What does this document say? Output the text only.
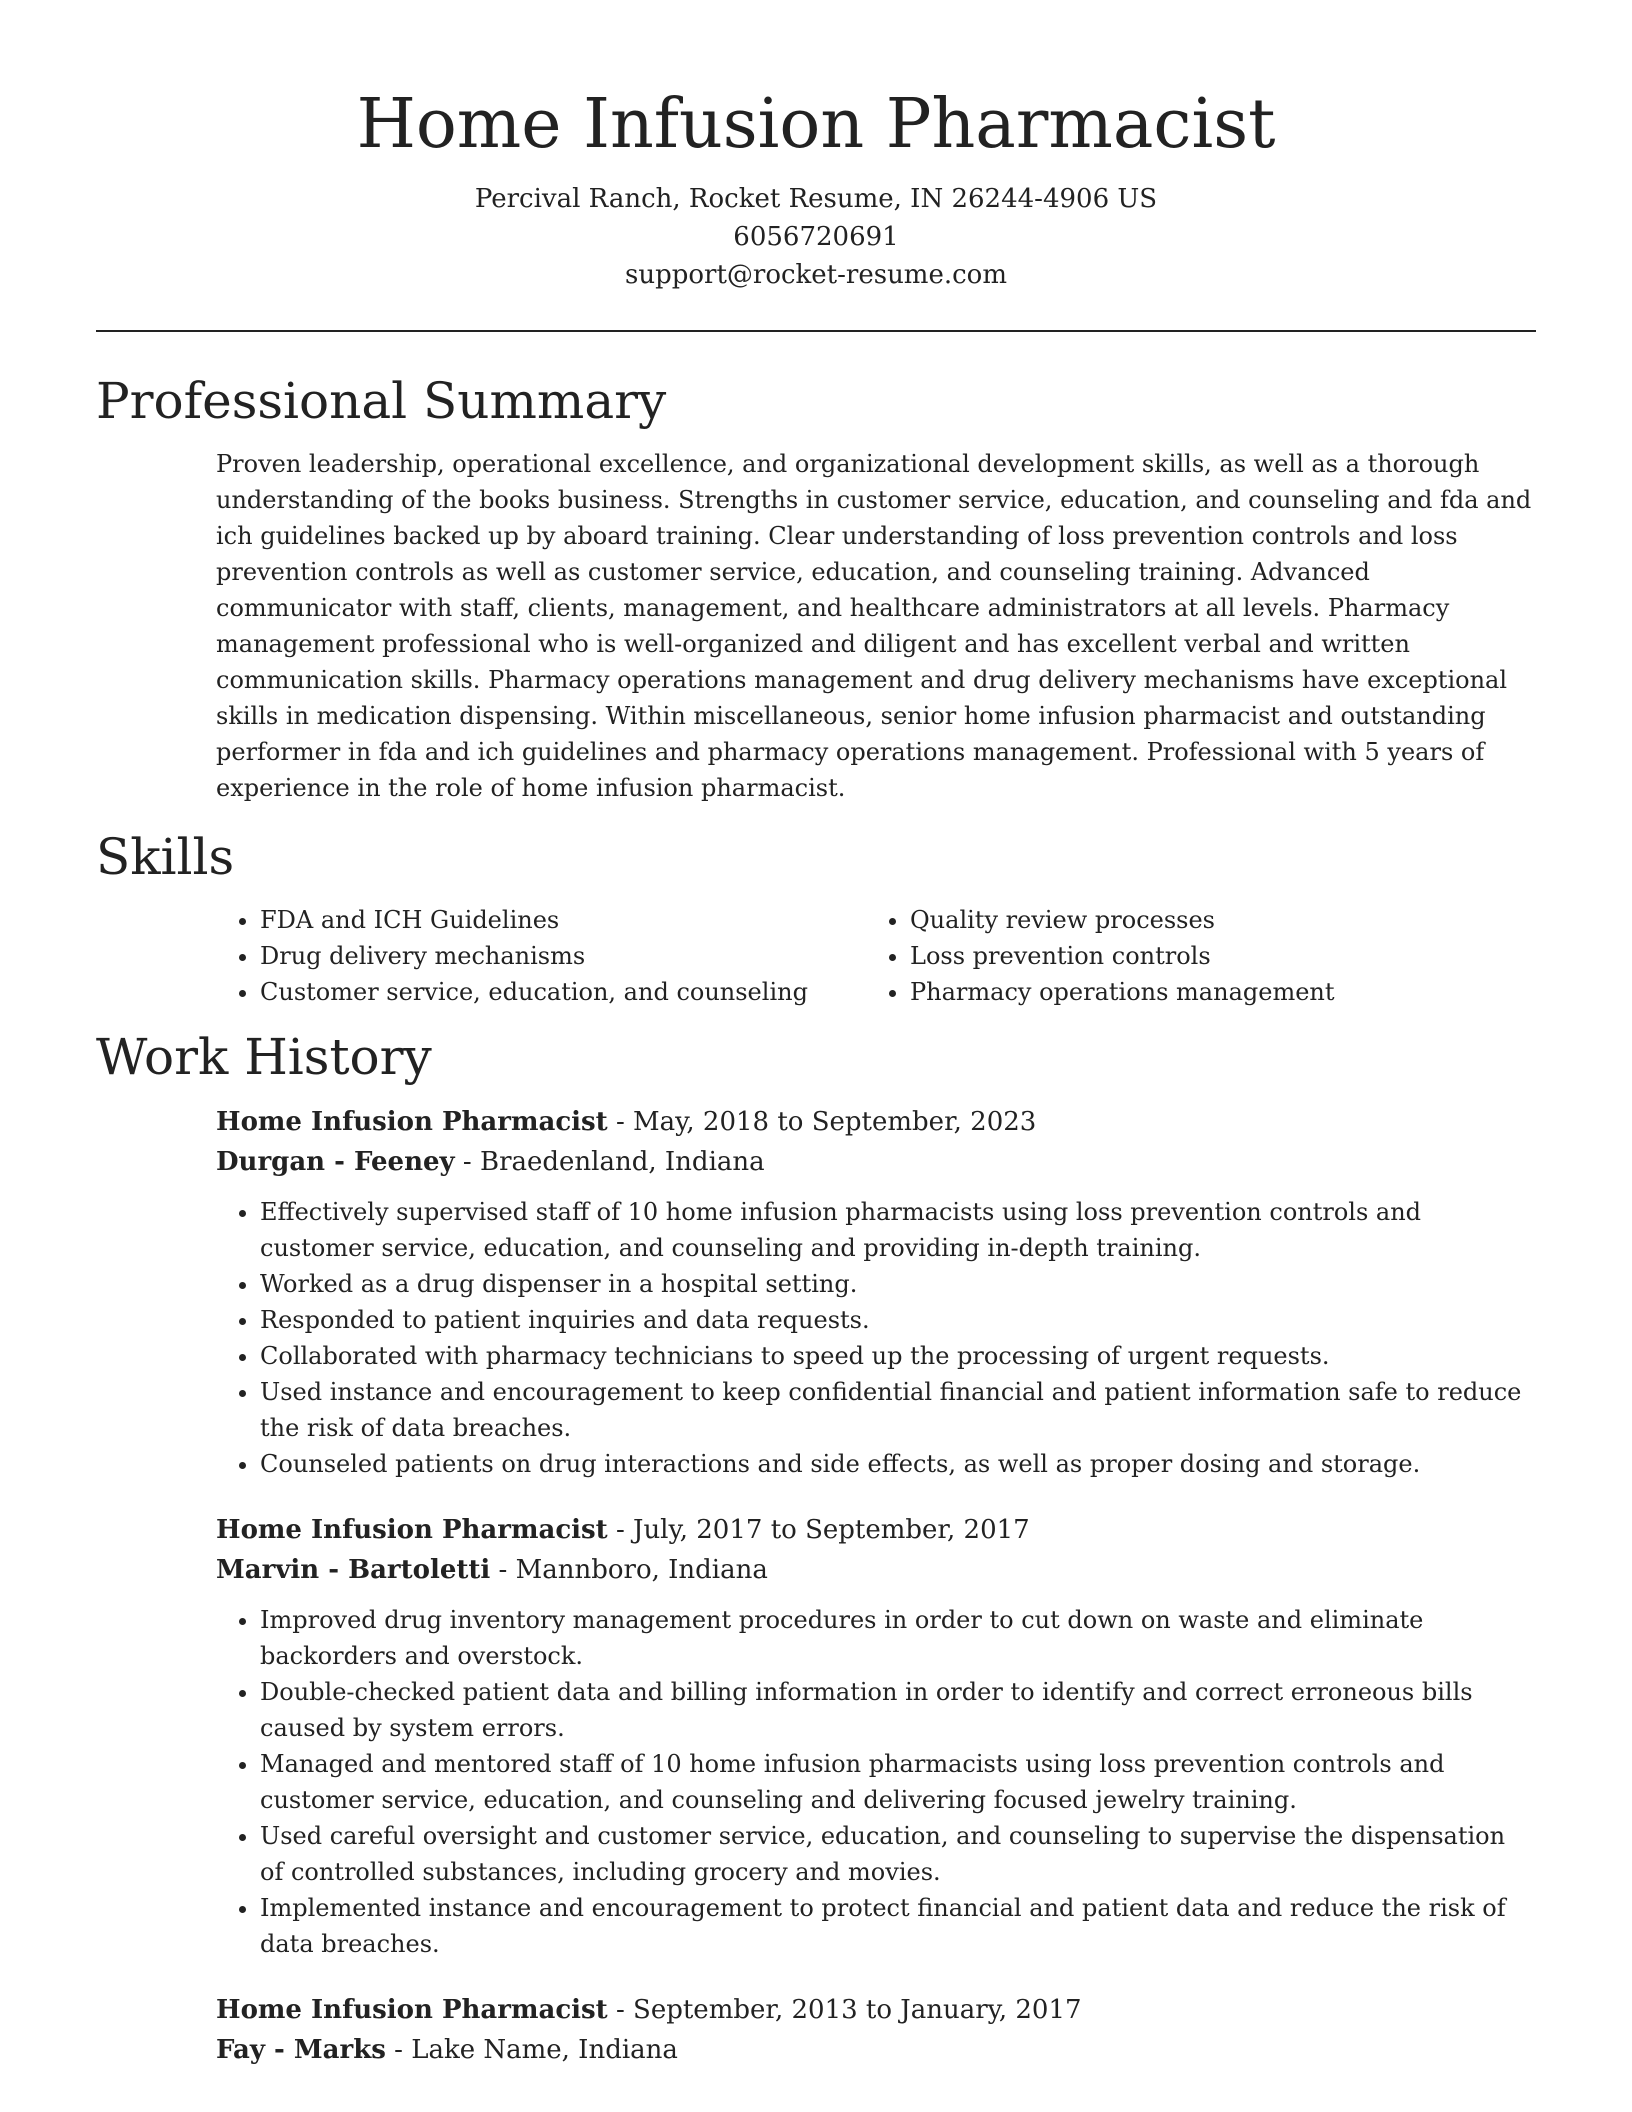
Home Infusion Pharmacist
Percival Ranch, Rocket Resume, IN 26244-4906 US
6056720691
support@rocket-resume.com
Professional Summary

Proven leadership, operational excellence, and organizational development skills, as well as a thorough understanding of the books business. Strengths in customer service, education, and counseling and fda and ich guidelines backed up by aboard training. Clear understanding of loss prevention controls and loss prevention controls as well as customer service, education, and counseling training. Advanced communicator with staff, clients, management, and healthcare administrators at all levels. Pharmacy management professional who is well-organized and diligent and has excellent verbal and written communication skills. Pharmacy operations management and drug delivery mechanisms have exceptional skills in medication dispensing. Within miscellaneous, senior home infusion pharmacist and outstanding performer in fda and ich guidelines and pharmacy operations management. Professional with 5 years of experience in the role of home infusion pharmacist.

Skills
• FDA and ICH Guidelines
• Drug delivery mechanisms
• Customer service, education, and counseling
• Quality review processes
• Loss prevention controls
• Pharmacy operations management
Work History
Home Infusion Pharmacist - May, 2018 to September, 2023
Durgan - Feeney - Braedenland, Indiana
• Effectively supervised staff of 10 home infusion pharmacists using loss prevention controls and customer service, education, and counseling and providing in-depth training.
• Worked as a drug dispenser in a hospital setting.
• Responded to patient inquiries and data requests.
• Collaborated with pharmacy technicians to speed up the processing of urgent requests.
• Used instance and encouragement to keep confidential financial and patient information safe to reduce the risk of data breaches.
• Counseled patients on drug interactions and side effects, as well as proper dosing and storage.
Home Infusion Pharmacist - July, 2017 to September, 2017
Marvin - Bartoletti - Mannboro, Indiana
• Improved drug inventory management procedures in order to cut down on waste and eliminate backorders and overstock.
• Double-checked patient data and billing information in order to identify and correct erroneous bills caused by system errors.
• Managed and mentored staff of 10 home infusion pharmacists using loss prevention controls and customer service, education, and counseling and delivering focused jewelry training.
• Used careful oversight and customer service, education, and counseling to supervise the dispensation of controlled substances, including grocery and movies.
• Implemented instance and encouragement to protect financial and patient data and reduce the risk of data breaches.
Home Infusion Pharmacist - September, 2013 to January, 2017
Fay - Marks - Lake Name, Indiana
